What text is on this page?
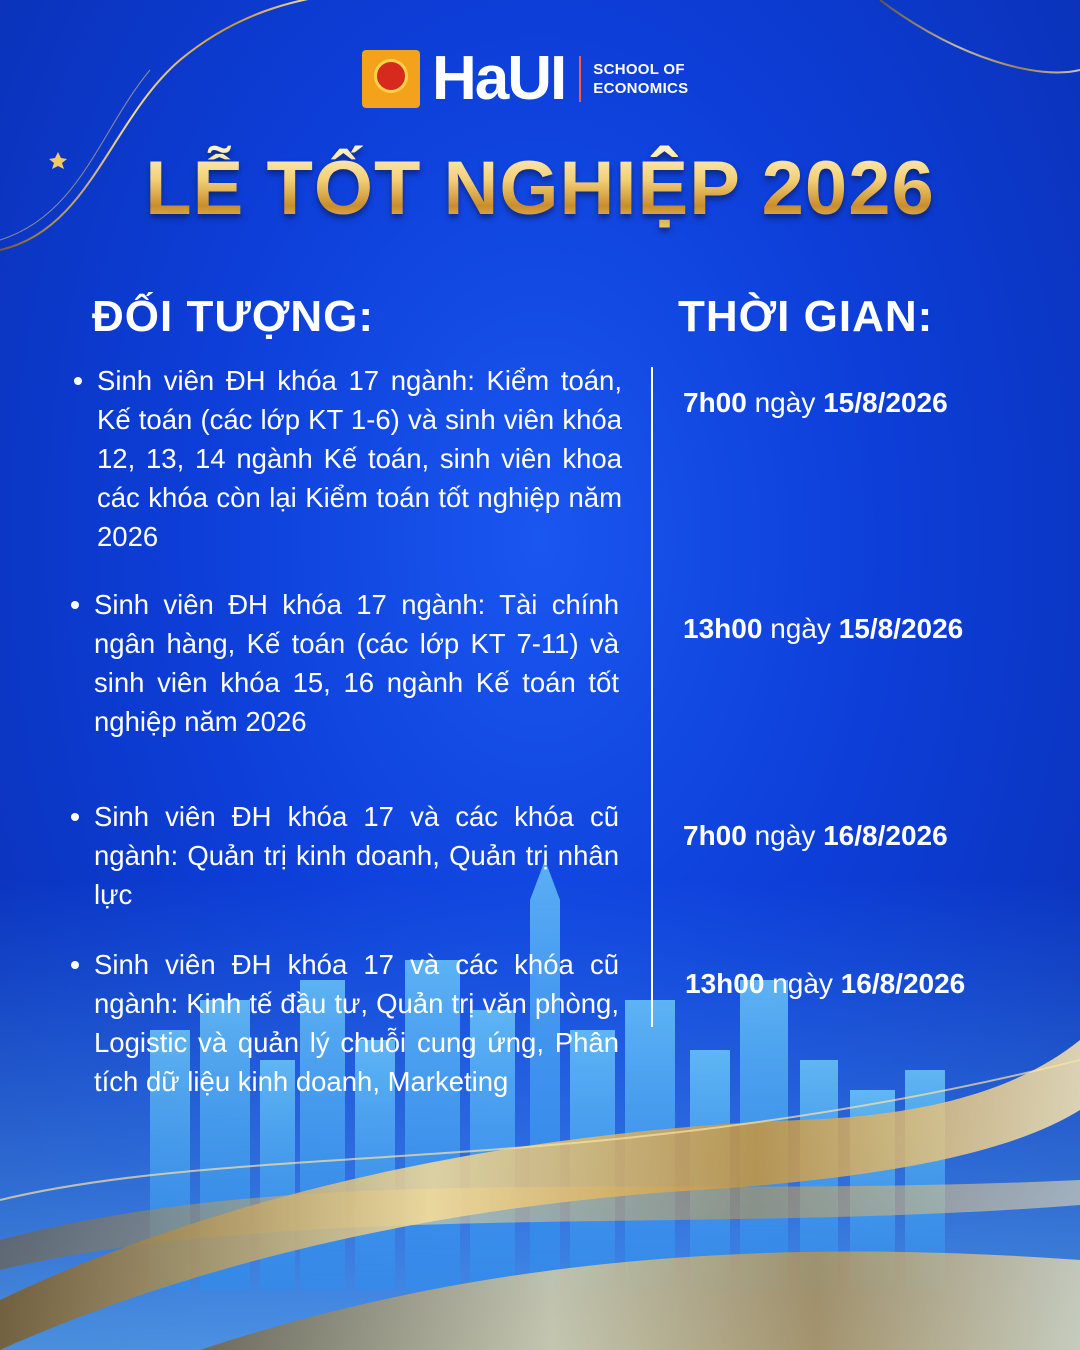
HaUI SCHOOL OF
ECONOMICS
LỄ TỐT NGHIỆP 2026
ĐỐI TƯỢNG:	THỜI GIAN:
Sinh viên ĐH khóa 17 ngành: Kiểm toán, Kế toán (các lớp KT 1-6) và sinh viên khóa 12, 13, 14 ngành Kế toán, sinh viên khoa các khóa còn lại Kiểm toán tốt nghiệp năm 2026
Sinh viên ĐH khóa 17 ngành: Tài chính ngân hàng, Kế toán (các lớp KT 7-11) và sinh viên khóa 15, 16 ngành Kế toán tốt nghiệp năm 2026
Sinh viên ĐH khóa 17 và các khóa cũ ngành: Quản trị kinh doanh, Quản trị nhân lực
Sinh viên ĐH khóa 17 và các khóa cũ ngành: Kinh tế đầu tư, Quản trị văn phòng, Logistic và quản lý chuỗi cung ứng, Phân tích dữ liệu kinh doanh, Marketing
7h00 ngày 15/8/2026
13h00 ngày 15/8/2026
7h00 ngày 16/8/2026
13h00 ngày 16/8/2026
